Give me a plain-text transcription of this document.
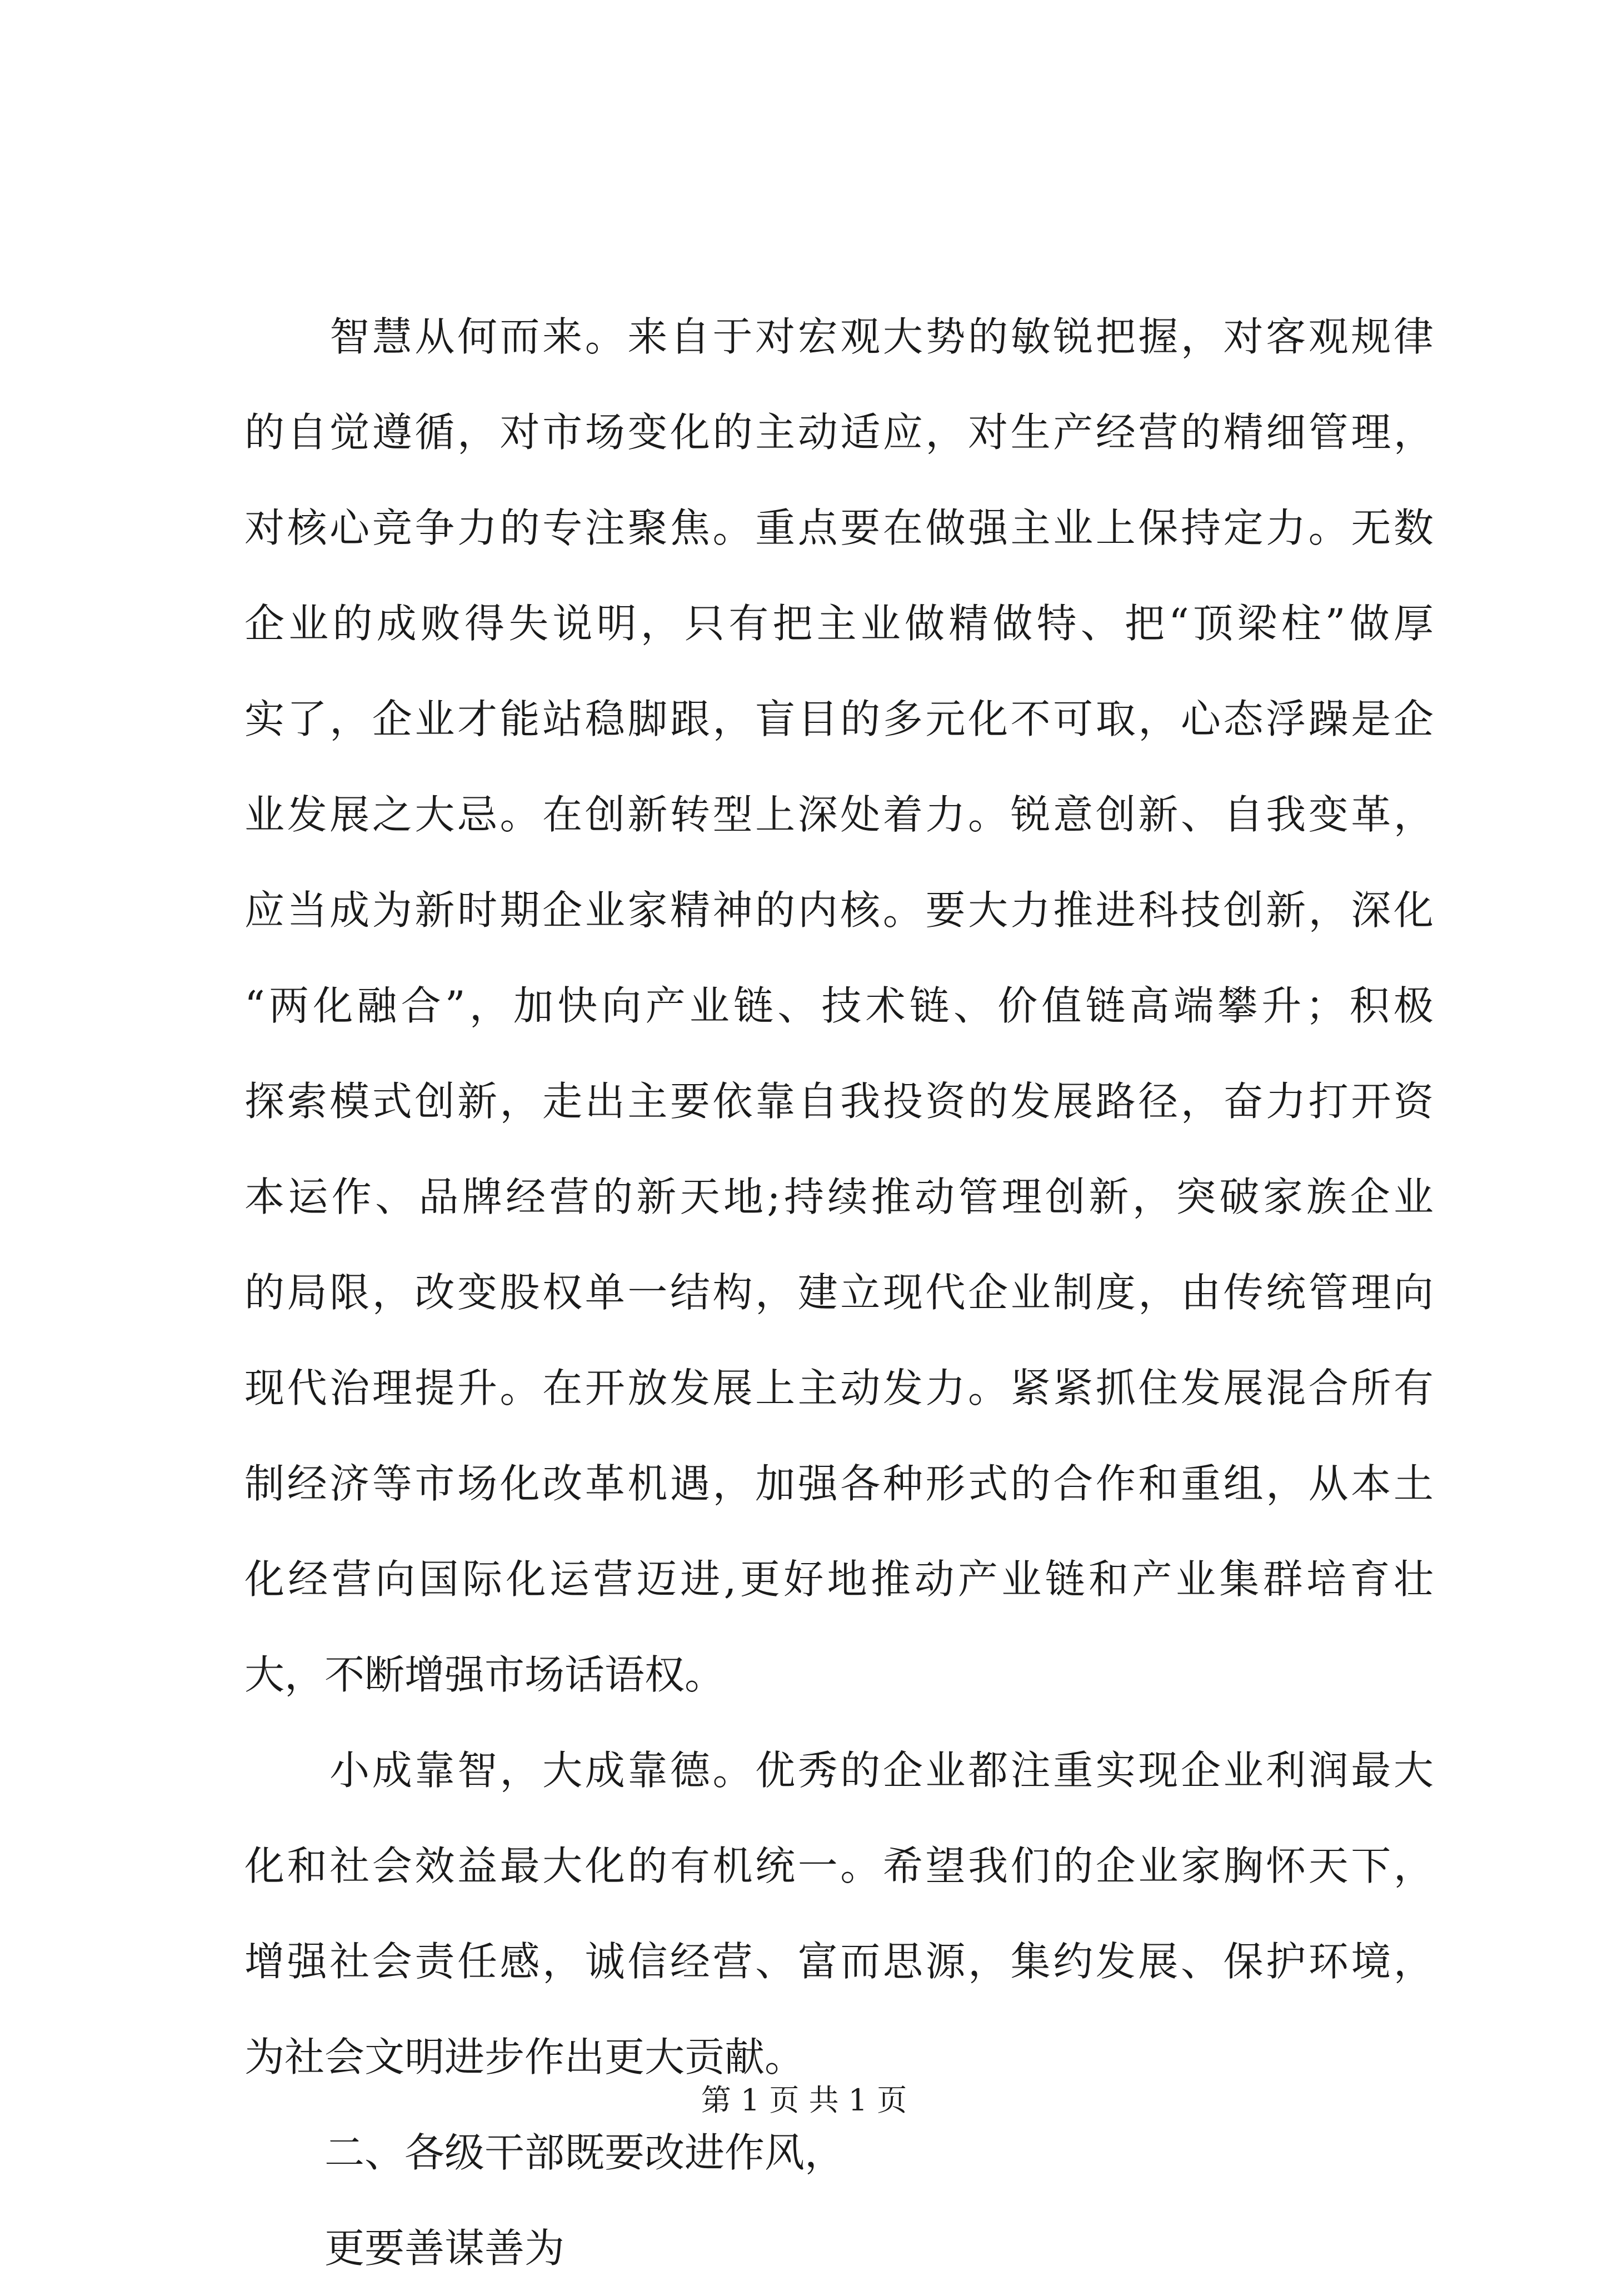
　　智慧从何而来。来自于对宏观大势的敏锐把握，对客观规律
的自觉遵循，对市场变化的主动适应，对生产经营的精细管理，
对核心竞争力的专注聚焦。重点要在做强主业上保持定力。无数
企业的成败得失说明，只有把主业做精做特、把“顶梁柱”做厚
实了，企业才能站稳脚跟，盲目的多元化不可取，心态浮躁是企
业发展之大忌。在创新转型上深处着力。锐意创新、自我变革，
应当成为新时期企业家精神的内核。要大力推进科技创新，深化
“两化融合”，加快向产业链、技术链、价值链高端攀升；积极
探索模式创新，走出主要依靠自我投资的发展路径，奋力打开资
本运作、品牌经营的新天地;持续推动管理创新，突破家族企业
的局限，改变股权单一结构，建立现代企业制度，由传统管理向
现代治理提升。在开放发展上主动发力。紧紧抓住发展混合所有
制经济等市场化改革机遇，加强各种形式的合作和重组，从本土
化经营向国际化运营迈进,更好地推动产业链和产业集群培育壮
大，不断增强市场话语权。
　　小成靠智，大成靠德。优秀的企业都注重实现企业利润最大
化和社会效益最大化的有机统一。希望我们的企业家胸怀天下，
增强社会责任感，诚信经营、富而思源，集约发展、保护环境，
为社会文明进步作出更大贡献。
　　二、各级干部既要改进作风，
　　更要善谋善为
第 1 页 共 1 页
